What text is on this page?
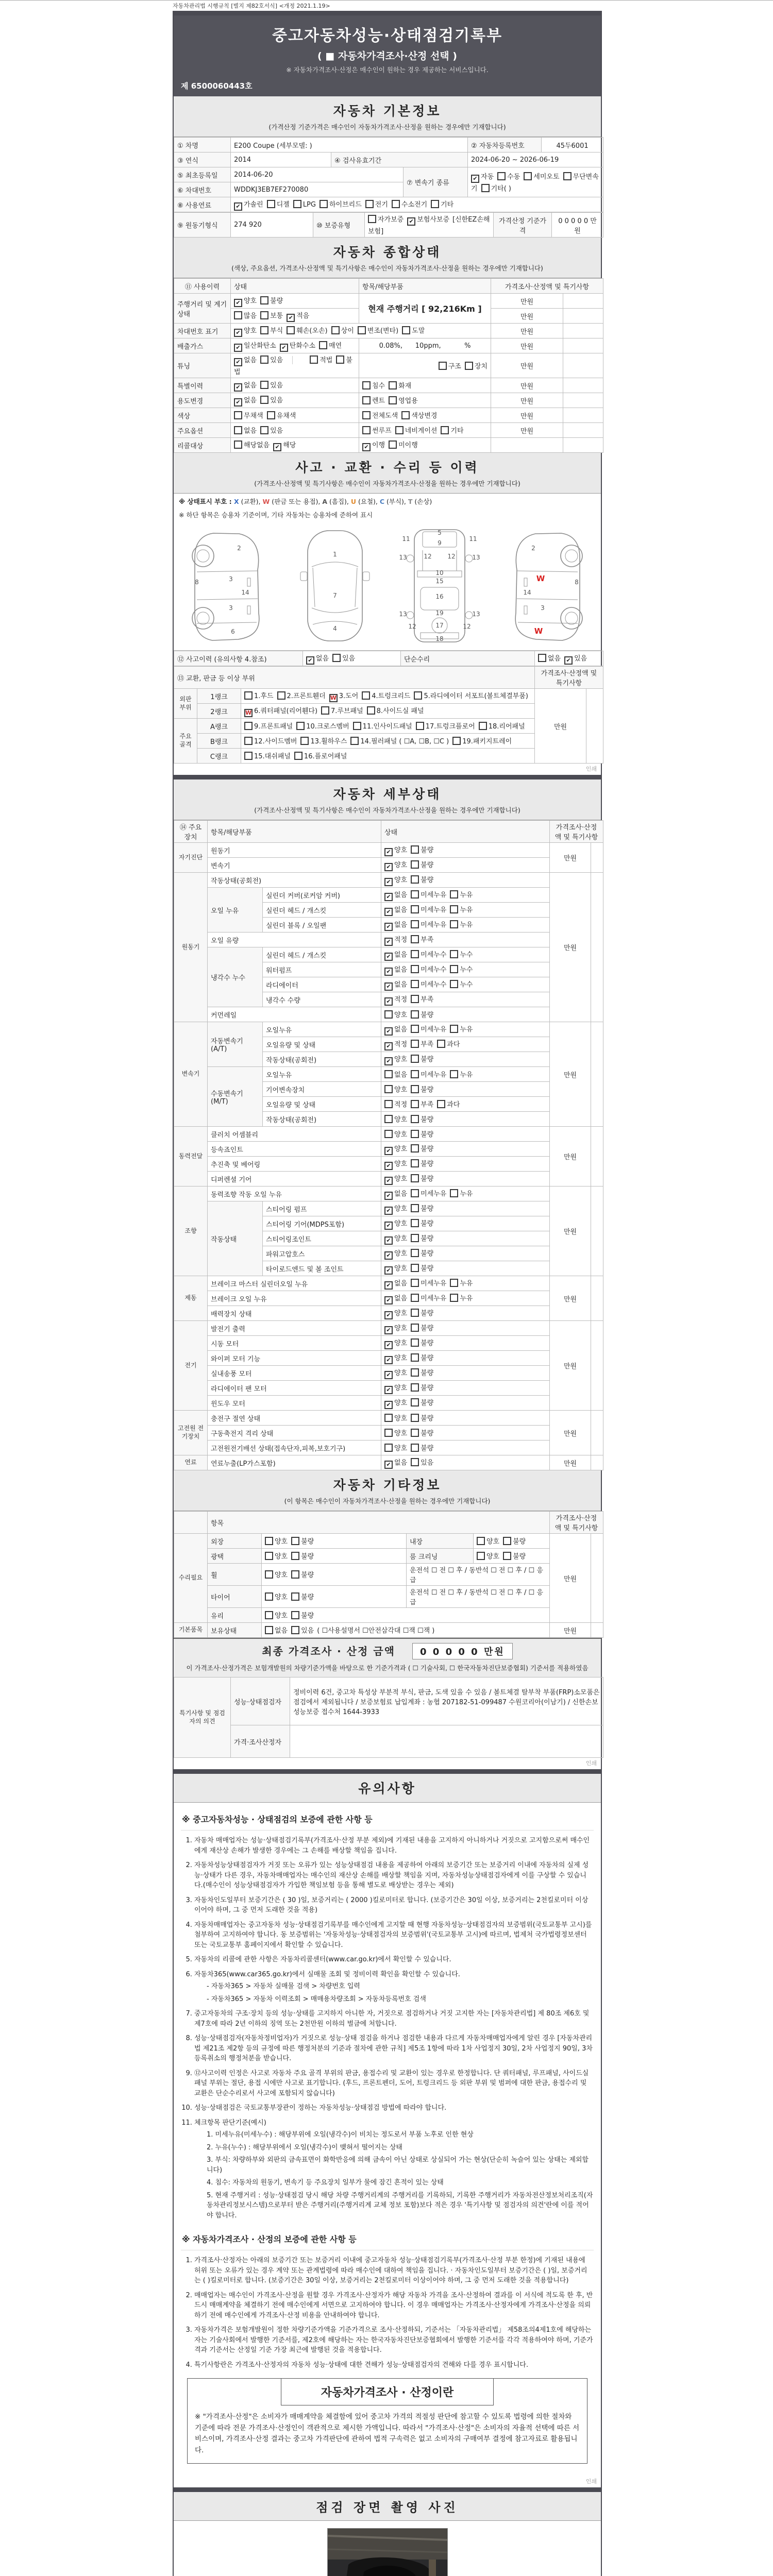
자동차관리법 시행규칙 [별지 제82호서식] <개정 2021.1.19>
중고자동차성능·상태점검기록부
( ■ 자동차가격조사·산정 선택 )
※ 자동차가격조사·산정은 매수인이 원하는 경우 제공하는 서비스입니다.
제 6500060443호
자동차 기본정보
(가격산정 기준가격은 매수인이 자동차가격조사·산정을 원하는 경우에만 기재합니다)
① 차명	E200 Coupe (세부모델: )			② 자동차등록번호	45두6001
③ 연식	2014	④ 검사유효기간		2024-06-20 ~ 2026-06-19	
⑤ 최초등록일	2014-06-20		⑦ 변속기 종류	✔ 자동 수동 세미오토 무단변속기 기타( )	
⑥ 차대번호	WDDKJ3EB7EF270080				
⑧ 사용연료	✔ 가솔린 디젤 LPG 하이브리드 전기 수소전기 기타				
⑨ 원동기형식	274 920	⑩ 보증유형	자가보증 ✔ 보험사보증 [신한EZ손해보험]	가격산정 기준가격	0 0 0 0 0 만원
자동차 종합상태
(색상, 주요옵션, 가격조사·산정액 및 특기사항은 매수인이 자동차가격조사·산정을 원하는 경우에만 기재합니다)
⑪ 사용이력	상태	항목/해당부품	가격조사·산정액 및 특기사항	
주행거리 및 계기상태	✔ 양호 불량	현재 주행거리 [ 92,216Km ]	만원	
	많음 보통 ✔ 적음		만원	
차대번호 표기	✔ 양호 부식 훼손(오손) 상이 변조(변타) 도말		만원	
배출가스	✔ 일산화탄소 ✔ 탄화수소 매연	0.08%,      10ppm,           %	만원	
튜닝	✔ 없음 있음 적법 불법	구조 장치	만원	
특별이력	✔ 없음 있음	침수 화재	만원	
용도변경	✔ 없음 있음	렌트 영업용	만원	
색상	무채색 유채색	전체도색 색상변경	만원	
주요옵션	없음 있음	썬루프 네비게이션 기타	만원	
리콜대상	해당없음 ✔ 해당	✔ 이행 미이행		
사고 · 교환 · 수리 등 이력
(가격조사·산정액 및 특기사항은 매수인이 자동차가격조사·산정을 원하는 경우에만 기재합니다)
※ 상태표시 부호 : X (교환), W (판금 또는 용접), A (흠집), U (요철), C (부식), T (손상)
※ 하단 항목은 승용차 기준이며, 기타 자동차는 승용차에 준하여 표시
2
8	3
14
3
6
1
7
4
5
9
11	11
13	13
12	12
10
15
16
13	13
19
12	12
17
18
2
W	8
14
3
W
⑫ 사고이력 (유의사항 4.참조)	✔ 없음 있음	단순수리	없음 ✔ 있음
⑬ 교환, 판금 등 이상 부위			가격조사·산정액 및 특기사항	
외판 부위	1랭크	1.후드 2.프론트휀더 W 3.도어 4.트렁크리드 5.라디에이터 서포트(볼트체결부품)	만원	
	2랭크	W 6.쿼터패널(리어휀다) 7.루브패널 8.사이드실 패널		
주요 골격	A랭크	9.프론트패널 10.크로스멤버 11.인사이드패널 17.트렁크플로어 18.리어패널		
	B랭크	12.사이드멤버 13.휠하우스 14.필러패널 ( ☐A, ☐B, ☐C ) 19.패키지트레이		
	C랭크	15.대쉬패널 16.플로어패널		
인쇄
자동차 세부상태
(가격조사·산정액 및 특기사항은 매수인이 자동차가격조사·산정을 원하는 경우에만 기재합니다)
⑭ 주요장치	항목/해당부품		상태	가격조사·산정액 및 특기사항	
자기진단	원동기		✔ 양호 불량	만원	
	변속기		✔ 양호 불량		
원동기	작동상태(공회전)		✔ 양호 불량	만원	
	오일 누유	실린더 커버(로커암 커버)	✔ 없음 미세누유 누유		
		실린더 헤드 / 개스킷	✔ 없음 미세누유 누유		
		실린더 블록 / 오일팬	✔ 없음 미세누유 누유		
	오일 유량		✔ 적정 부족		
	냉각수 누수	실린더 헤드 / 개스킷	✔ 없음 미세누수 누수		
		워터펌프	✔ 없음 미세누수 누수		
		라디에이터	✔ 없음 미세누수 누수		
		냉각수 수량	✔ 적정 부족		
	커먼레일		양호 불량		
변속기	자동변속기 (A/T)	오일누유	✔ 없음 미세누유 누유	만원	
		오일유량 및 상태	✔ 적정 부족 과다		
		작동상태(공회전)	✔ 양호 불량		
	수동변속기 (M/T)	오일누유	없음 미세누유 누유		
		기어변속장치	양호 불량		
		오일유량 및 상태	적정 부족 과다		
		작동상태(공회전)	양호 불량		
동력전달	클러치 어셈블리		양호 불량	만원	
	등속죠인트		✔ 양호 불량		
	추진축 및 베어링		✔ 양호 불량		
	디퍼렌셜 기어		✔ 양호 불량		
조향	동력조향 작동 오일 누유		✔ 없음 미세누유 누유	만원	
	작동상태	스티어링 펌프	✔ 양호 불량		
		스티어링 기어(MDPS포함)	✔ 양호 불량		
		스티어링조인트	✔ 양호 불량		
		파워고압호스	✔ 양호 불량		
		타이로드엔드 및 볼 조인트	✔ 양호 불량		
제동	브레이크 마스터 실린더오일 누유		✔ 없음 미세누유 누유	만원	
	브레이크 오일 누유		✔ 없음 미세누유 누유		
	배력장치 상태		✔ 양호 불량		
전기	발전기 출력		✔ 양호 불량	만원	
	시동 모터		✔ 양호 불량		
	와이퍼 모터 기능		✔ 양호 불량		
	실내송풍 모터		✔ 양호 불량		
	라디에이터 팬 모터		✔ 양호 불량		
	윈도우 모터		✔ 양호 불량		
고전원 전기장치	충전구 절연 상태		양호 불량	만원	
	구동축전지 격리 상태		양호 불량		
	고전원전기배선 상태(접속단자,피복,보호기구)		양호 불량		
연료	연료누출(LP가스포함)		✔ 없음 있음	만원	
자동차 기타정보
(이 항목은 매수인이 자동차가격조사·산정을 원하는 경우에만 기재합니다)
	항목				가격조사·산정액 및 특기사항	
수리필요	외장	양호 불량	내장	양호 불량	만원	
	광택	양호 불량	룸 크리닝	양호 불량		
	휠	양호 불량	운전석 ☐ 전 ☐ 후 / 동반석 ☐ 전 ☐ 후 / ☐ 응급			
	타이어	양호 불량	운전석 ☐ 전 ☐ 후 / 동반석 ☐ 전 ☐ 후 / ☐ 응급			
	유리	양호 불량				
기본품목	보유상태	없음 있음 ( ☐사용설명서 ☐안전삼각대 ☐잭 ☐잭 )			만원	
최종 가격조사 · 산정 금액	0 0 0 0 0 만원
이 가격조사·산정가격은 보험개발원의 차량기준가액을 바탕으로 한 기준가격과 ( ☐ 기술사회, ☐ 한국자동차진단보증협회) 기준서를 적용하였음
특기사항 및 점검자의 의견	성능·상태점검자	정비이력 6건, 중고차 특성상 부분적 부식, 판금, 도색 있을 수 있음 / 볼트체결 탈부착 부품(FRP)소모품은 점검에서 제외됩니다 / 보증보험료 납입계좌 : 농협 207182-51-099487 수원코리아(이남기) / 신한손보 성능보증 접수처 1644-3933
	가격·조사산정자	
인쇄
유의사항
※ 중고자동차성능 · 상태점검의 보증에 관한 사항 등
1. 자동차 매매업자는 성능·상태점검기록부(가격조사·산정 부분 제외)에 기재된 내용을 고지하지 아니하거나 거짓으로 고지함으로써 매수인에게 재산상 손해가 발생한 경우에는 그 손해를 배상할 책임을 집니다.
2. 자동차성능상태점검자가 거짓 또는 오류가 있는 성능상태점검 내용을 제공하여 아래의 보증기간 또는 보증거리 이내에 자동차의 실제 성능·상태가 다른 경우, 자동차매매업자는 매수인의 재산상 손해를 배상할 책임을 지며, 자동차성능상태점검자에게 이를 구상할 수 있습니다.(매수인이 성능상태점검자가 가입한 책임보험 등을 통해 별도로 배상받는 경우는 제외)
3. 자동차인도일부터 보증기간은 ( 30 )일, 보증거리는 ( 2000 )킬로미터로 합니다. (보증기간은 30일 이상, 보증거리는 2천킬로미터 이상이어야 하며, 그 중 먼저 도래한 것을 적용)
4. 자동차매매업자는 중고자동차 성능·상태점검기록부를 매수인에게 고지할 때 현행 자동차성능·상태점검자의 보증범위(국토교통부 고시)를 첨부하여 고지하여야 합니다. 동 보증범위는 '자동차성능·상태점검자의 보증범위'(국토교통부 고시)에 따르며, 법제처 국가법령정보센터 또는 국토교통부 홈페이지에서 확인할 수 있습니다.
5. 자동차의 리콜에 관한 사항은 자동차리콜센터(www.car.go.kr)에서 확인할 수 있습니다.
6. 자동차365(www.car365.go.kr)에서 실매물 조회 및 정비이력 확인을 확인할 수 있습니다.
- 자동차365 > 자동차 실매물 검색 > 차량번호 입력
- 자동차365 > 자동차 이력조회 > 매매용차량조회 > 자동차등록번호 검색
7. 중고자동차의 구조·장치 등의 성능·상태를 고지하지 아니한 자, 거짓으로 점검하거나 거짓 고지한 자는 [자동차관리법] 제 80조 제6호 및 제7호에 따라 2년 이하의 징역 또는 2천만원 이하의 벌금에 처합니다.
8. 성능·상태점검자(자동차정비업자)가 거짓으로 성능·상태 점검을 하거나 점검한 내용과 다르게 자동차매매업자에게 알린 경우 [자동차관리법 제21조 제2항 등의 규정에 따른 행정처분의 기준과 절차에 관한 규칙] 제5조 1항에 따라 1차 사업정지 30일, 2차 사업정지 90일, 3차 등록취소의 행정처분을 받습니다.
9. ⑫사고이력 인정은 사고로 자동차 주요 골격 부위의 판금, 용접수리 및 교환이 있는 경우로 한정합니다. 단 쿼터패널, 루프패널, 사이드실패널 부위는 절단, 용접 시에만 사고로 표기합니다. (후드, 프론트펜더, 도어, 트렁크리드 등 외판 부위 및 범퍼에 대한 판금, 용접수리 및 교환은 단순수리로서 사고에 포함되지 않습니다)
10. 성능·상태점검은 국토교통부장관이 정하는 자동차성능·상태점검 방법에 따라야 합니다.
11. 체크항목 판단기준(예시)
1. 미세누유(미세누수) : 해당부위에 오일(냉각수)이 비치는 정도로서 부품 노후로 인한 현상
2. 누유(누수) : 해당부위에서 오일(냉각수)이 맺혀서 떨어지는 상태
3. 부식: 차량하부와 외판의 금속표면이 화학반응에 의해 금속이 아닌 상태로 상실되어 가는 현상(단순히 녹슬어 있는 상태는 제외합니다)
4. 침수: 자동차의 원동기, 변속기 등 주요장치 일부가 물에 잠긴 흔적이 있는 상태
5. 현재 주행거리 : 성능·상태점검 당시 해당 차량 주행거리계의 주행거리를 기록하되, 기록한 주행거리가 자동차전산정보처리조직(자동차관리정보시스템)으로부터 받은 주행거리(주행거리계 교체 정보 포함)보다 적은 경우 '특기사항 및 점검자의 의견'란에 이를 적어야 합니다.
※ 자동차가격조사 · 산정의 보증에 관한 사항 등
1. 가격조사·산정자는 아래의 보증기간 또는 보증거리 이내에 중고자동차 성능·상태점검기록부(가격조사·산정 부분 한정)에 기재된 내용에 허위 또는 오류가 있는 경우 계약 또는 관계법령에 따라 매수인에 대하여 책임을 집니다. · 자동차인도일부터 보증기간은 ( )일, 보증거리는 ( )킬로미터로 합니다. (보증기간은 30일 이상, 보증거리는 2천킬로미터 이상이어야 하며, 그 중 먼저 도래한 것을 적용합니다)
2. 매매업자는 매수인이 가격조사·산정을 원할 경우 가격조사·산정자가 해당 자동차 가격을 조사·산정하여 결과를 이 서식에 적도록 한 후, 반드시 매매계약을 체결하기 전에 매수인에게 서면으로 고지하여야 합니다. 이 경우 매매업자는 가격조사·산정자에게 가격조사·산정을 의뢰하기 전에 매수인에게 가격조사·산정 비용을 안내하여야 합니다.
3. 자동차가격은 보험개발원이 정한 차량기준가액을 기준가격으로 조사·산정하되, 기준서는 「자동차관리법」 제58조의4제1호에 해당하는 자는 기술사회에서 발행한 기준서를, 제2호에 해당하는 자는 한국자동차진단보증협회에서 발행한 기준서를 각각 적용하여야 하며, 기준가격과 기준서는 산정일 기준 가장 최근에 발행된 것을 적용합니다.
4. 특기사항란은 가격조사·산정자의 자동차 성능·상태에 대한 견해가 성능·상태점검자의 견해와 다를 경우 표시합니다.
자동차가격조사 · 산정이란
※ "가격조사·산정"은 소비자가 매매계약을 체결함에 있어 중고차 가격의 적절성 판단에 참고할 수 있도록 법령에 의한 절차와 기준에 따라 전문 가격조사·산정인이 객관적으로 제시한 가액입니다. 따라서 "가격조사·산정"은 소비자의 자율적 선택에 따른 서비스이며, 가격조사·산정 결과는 중고차 가격판단에 관하여 법적 구속력은 없고 소비자의 구매여부 결정에 참고자료로 활용됩니다.
인쇄
점검 장면 촬영 사진
